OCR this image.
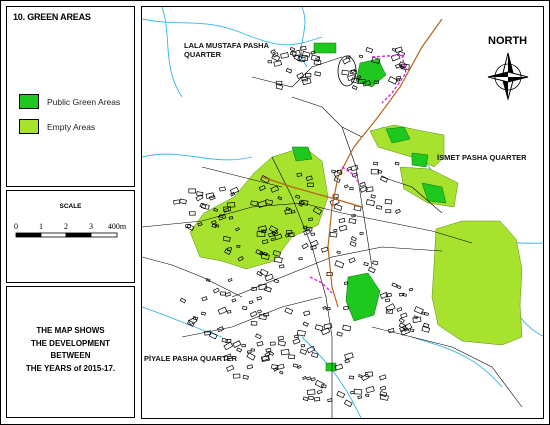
10. GREEN AREAS
Public Green Areas
Empty Areas
SCALE
0	1	2	3 400m
THE MAP SHOWS
THE DEVELOPMENT BETWEEN
THE YEARS of 2015-17.
NORTH
LALA MUSTAFA PASHA
QUARTER
İSMET PASHA QUARTER
PİYALE PASHA QUARTER
